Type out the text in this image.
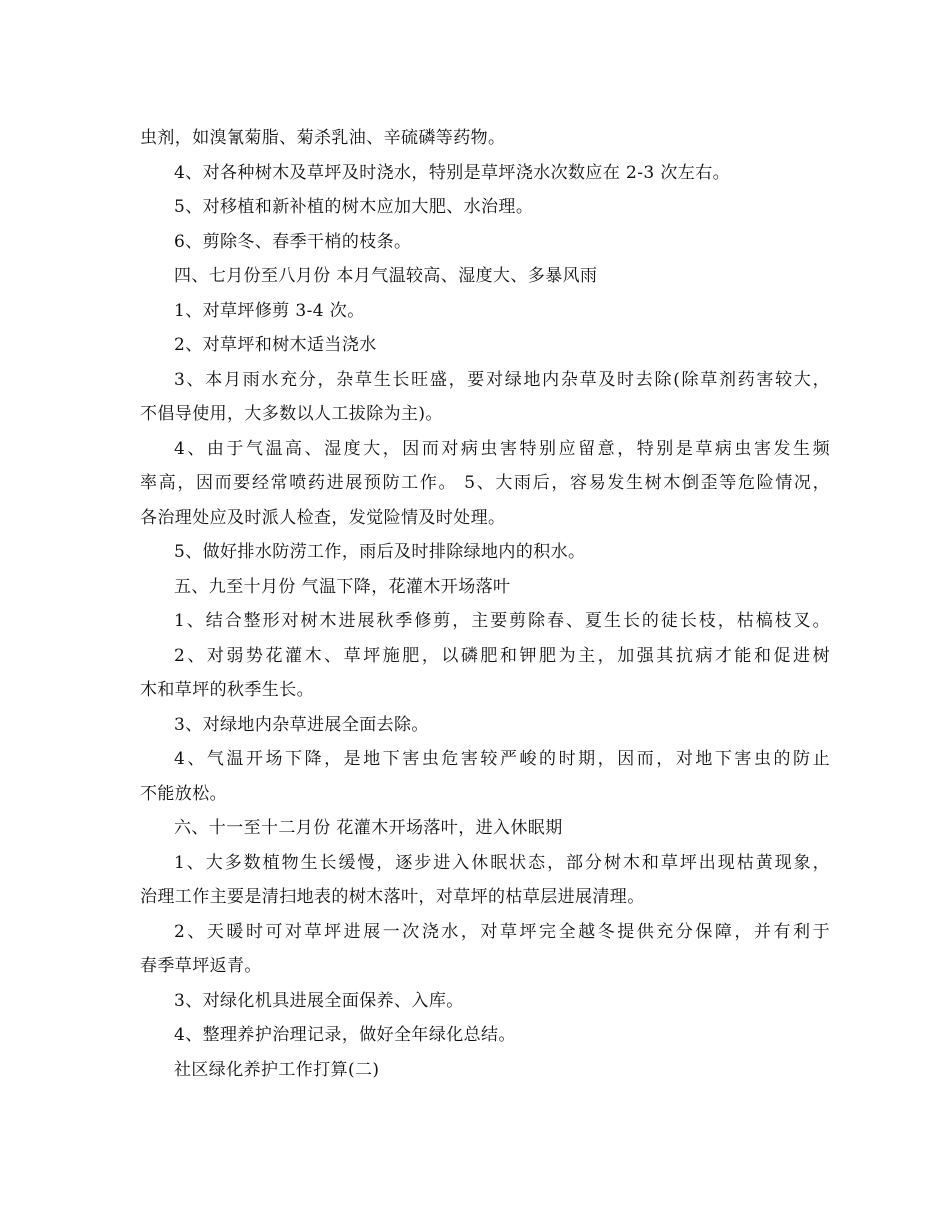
虫剂，如溴氰菊脂、菊杀乳油、辛硫磷等药物。
4、对各种树木及草坪及时浇水，特别是草坪浇水次数应在 2-3 次左右。
5、对移植和新补植的树木应加大肥、水治理。
6、剪除冬、春季干梢的枝条。
四、七月份至八月份 本月气温较高、湿度大、多暴风雨
1、对草坪修剪 3-4 次。
2、对草坪和树木适当浇水
3、本月雨水充分，杂草生长旺盛，要对绿地内杂草及时去除(除草剂药害较大，
不倡导使用，大多数以人工拔除为主)。
4、由于气温高、湿度大，因而对病虫害特别应留意，特别是草病虫害发生频
率高，因而要经常喷药进展预防工作。 5、大雨后，容易发生树木倒歪等危险情况，
各治理处应及时派人检查，发觉险情及时处理。
5、做好排水防涝工作，雨后及时排除绿地内的积水。
五、九至十月份 气温下降，花灌木开场落叶
1、结合整形对树木进展秋季修剪，主要剪除春、夏生长的徒长枝，枯槁枝叉。
2、对弱势花灌木、草坪施肥，以磷肥和钾肥为主，加强其抗病才能和促进树
木和草坪的秋季生长。
3、对绿地内杂草进展全面去除。
4、气温开场下降，是地下害虫危害较严峻的时期，因而，对地下害虫的防止
不能放松。
六、十一至十二月份 花灌木开场落叶，进入休眠期
1、大多数植物生长缓慢，逐步进入休眠状态，部分树木和草坪出现枯黄现象，
治理工作主要是清扫地表的树木落叶，对草坪的枯草层进展清理。
2、天暖时可对草坪进展一次浇水，对草坪完全越冬提供充分保障，并有利于
春季草坪返青。
3、对绿化机具进展全面保养、入库。
4、整理养护治理记录，做好全年绿化总结。
社区绿化养护工作打算(二)
